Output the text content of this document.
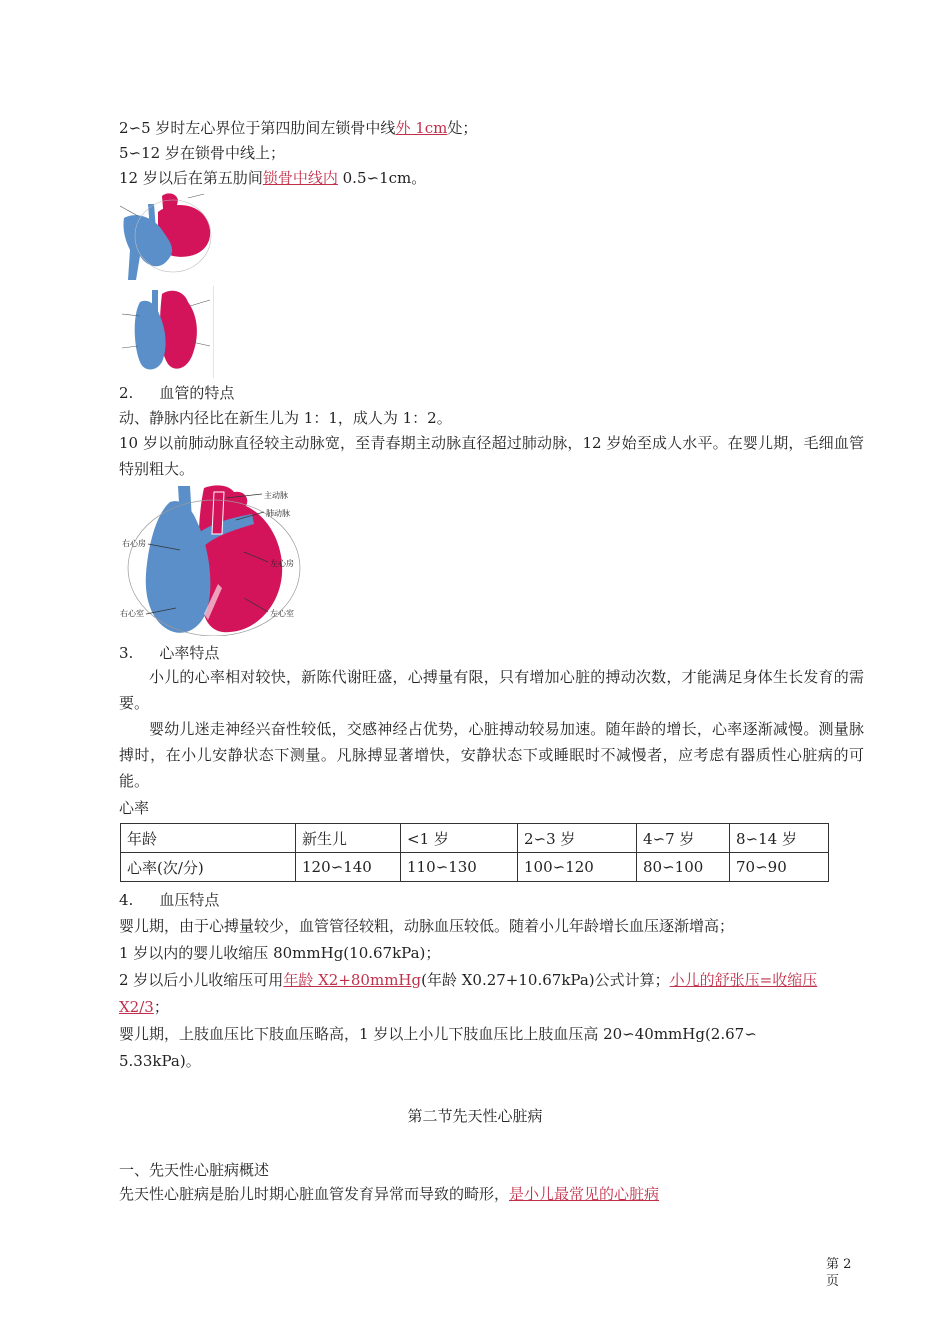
2∽5 岁时左心界位于第四肋间左锁骨中线外 1cm处；
5∽12 岁在锁骨中线上；
12 岁以后在第五肋间锁骨中线内 0.5∽1cm。
2. 血管的特点
动、静脉内径比在新生儿为 1：1，成人为 1：2。
10 岁以前肺动脉直径较主动脉宽，至青春期主动脉直径超过肺动脉，12 岁始至成人水平。在婴儿期，毛细血管特别粗大。
主动脉
肺动脉
右心房
左心房
右心室	左心室
3. 心率特点
小儿的心率相对较快，新陈代谢旺盛，心搏量有限，只有增加心脏的搏动次数，才能满足身体生长发育的需要。
婴幼儿迷走神经兴奋性较低，交感神经占优势，心脏搏动较易加速。随年龄的增长，心率逐渐减慢。测量脉搏时，在小儿安静状态下测量。凡脉搏显著增快，安静状态下或睡眠时不减慢者，应考虑有器质性心脏病的可能。
心率
年龄	新生儿	<1 岁	2∽3 岁	4∽7 岁	8∽14 岁
心率(次/分)	120∽140	110∽130	100∽120	80∽100	70∽90
4. 血压特点
婴儿期，由于心搏量较少，血管管径较粗，动脉血压较低。随着小儿年龄增长血压逐渐增高；
1 岁以内的婴儿收缩压 80mmHg(10.67kPa)；
2 岁以后小儿收缩压可用年龄 X2+80mmHg(年龄 X0.27+10.67kPa)公式计算；小儿的舒张压=收缩压
X2/3；
婴儿期，上肢血压比下肢血压略高，1 岁以上小儿下肢血压比上肢血压高 20∽40mmHg(2.67∽
5.33kPa)。
第二节先天性心脏病
一、先天性心脏病概述
先天性心脏病是胎儿时期心脏血管发育异常而导致的畸形，是小儿最常见的心脏病
第 2
页
